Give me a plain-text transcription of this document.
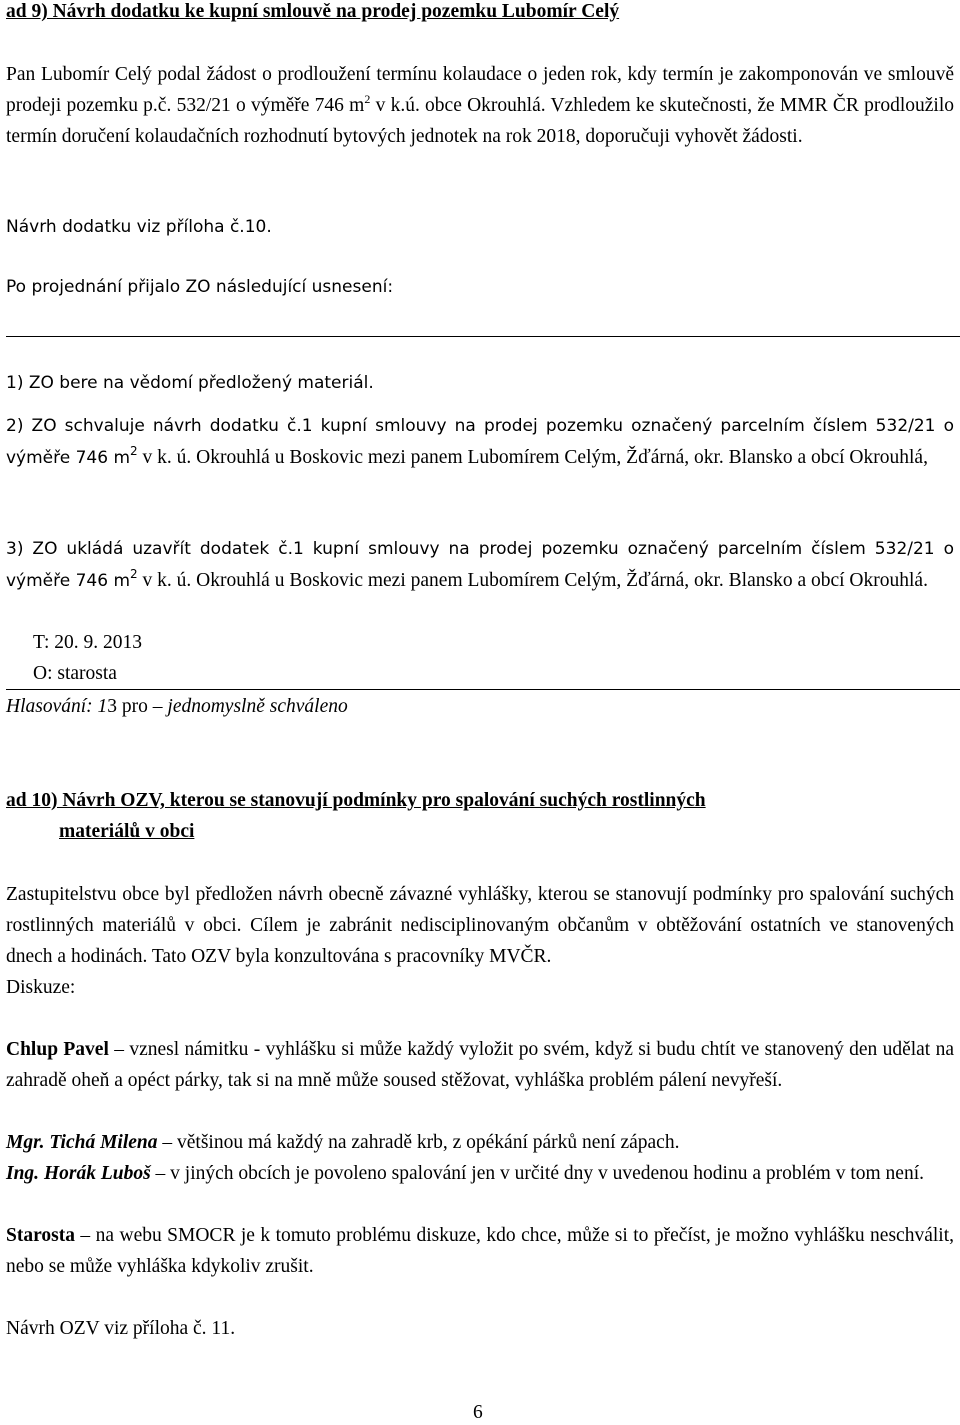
ad 9) Návrh dodatku ke kupní smlouvě na prodej pozemku Lubomír Celý

Pan Lubomír Celý podal žádost o prodloužení termínu kolaudace o jeden rok, kdy termín je zakomponován ve smlouvě prodeji pozemku p.č. 532/21 o výměře 746 $m^2$ v k.ú. obce Okrouhlá. Vzhledem ke skutečnosti, že MMR ČR prodloužilo termín doručení kolaudačních rozhodnutí bytových jednotek na rok 2018, doporučuji vyhovět žádosti.

Návrh dodatku viz příloha č.10.

Po projednání přijalo ZO následující usnesení:

1) ZO bere na vědomí předložený materiál.

2) ZO schvaluje návrh dodatku č.1 kupní smlouvy na prodej pozemku označený parcelním číslem 532/21 o výměře 746 $m^2$ v k. ú. Okrouhlá u Boskovic mezi panem Lubomírem Celým, Žďárná, okr. Blansko a obcí Okrouhlá,

3) ZO ukládá uzavřít dodatek č.1 kupní smlouvy na prodej pozemku označený parcelním číslem 532/21 o výměře 746 $m^2$ v k. ú. Okrouhlá u Boskovic mezi panem Lubomírem Celým, Žďárná, okr. Blansko a obcí Okrouhlá.

T: 20. 9. 2013

O: starosta

Hlasování: 13 pro – jednomyslně schváleno

ad 10) Návrh OZV, kterou se stanovují podmínky pro spalování suchých rostlinných

materiálů v obci

Zastupitelstvu obce byl předložen návrh obecně závazné vyhlášky, kterou se stanovují podmínky pro spalování suchých rostlinných materiálů v obci. Cílem je zabránit nedisciplinovaným občanům v obtěžování ostatních ve stanovených dnech a hodinách. Tato OZV byla konzultována s pracovníky MVČR.

Diskuze:

Chlup Pavel – vznesl námitku - vyhlášku si může každý vyložit po svém, když si budu chtít ve stanovený den udělat na zahradě oheň a opéct párky, tak si na mně může soused stěžovat, vyhláška problém pálení nevyřeší.

Mgr. Tichá Milena – většinou má každý na zahradě krb, z opékání párků není zápach.

Ing. Horák Luboš – v jiných obcích je povoleno spalování jen v určité dny v uvedenou hodinu a problém v tom není.

Starosta – na webu SMOCR je k tomuto problému diskuze, kdo chce, může si to přečíst, je možno vyhlášku neschválit, nebo se může vyhláška kdykoliv zrušit.

Návrh OZV viz příloha č. 11.

6
